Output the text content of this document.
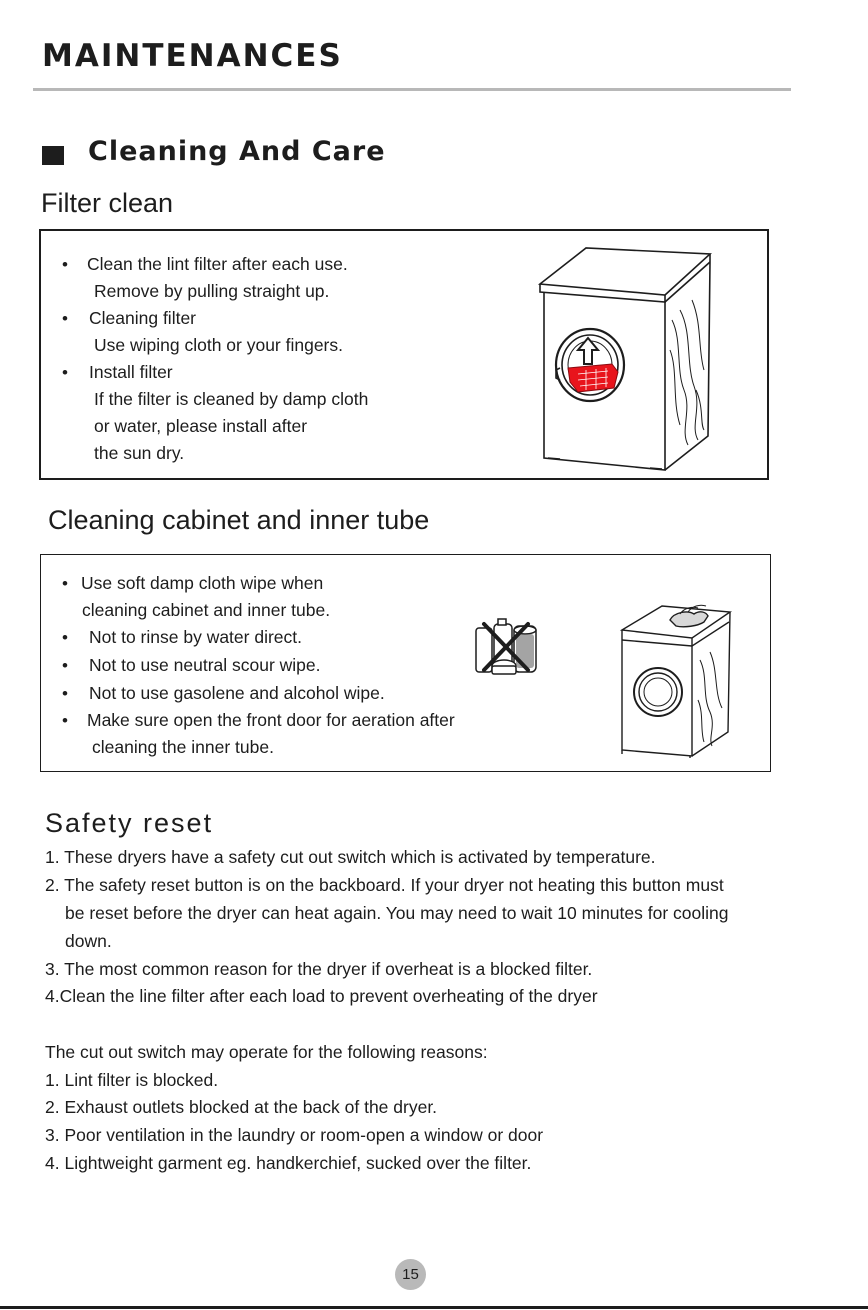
MAINTENANCES
Cleaning And Care
Filter clean
• Clean the lint filter after each use.
Remove by pulling straight up.
• Cleaning filter
Use wiping cloth or your fingers.
• Install filter
If the filter is cleaned by damp cloth
or water, please install after
the sun dry.
Cleaning cabinet and inner tube
• Use soft damp cloth wipe when
cleaning cabinet and inner tube.
• Not to rinse by water direct.
• Not to use neutral scour wipe.
• Not to use gasolene and alcohol wipe.
• Make sure open the front door for aeration after
cleaning the inner tube.
Safety reset
1. These dryers have a safety cut out switch which is activated by temperature.
2. The safety reset button is on the backboard. If your dryer not heating this button must
be reset before the dryer can heat again. You may need to wait 10 minutes for cooling
down.
3. The most common reason for the dryer if overheat is a blocked filter.
4.Clean the line filter after each load to prevent overheating of the dryer
The cut out switch may operate for the following reasons:
1. Lint filter is blocked.
2. Exhaust outlets blocked at the back of the dryer.
3. Poor ventilation in the laundry or room-open a window or door
4. Lightweight garment eg. handkerchief, sucked over the filter.
15
